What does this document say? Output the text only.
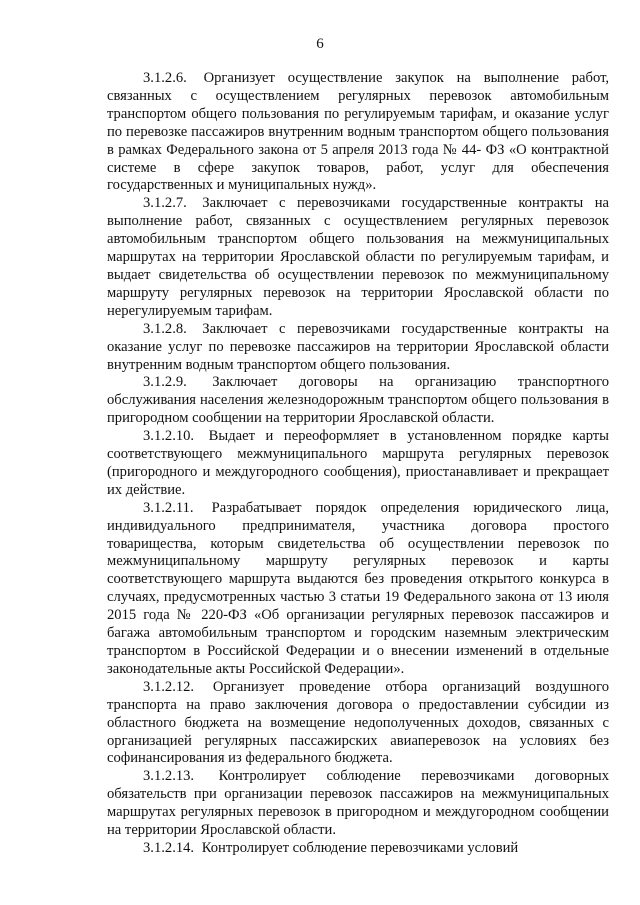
6

3.1.2.6. Организует осуществление закупок на выполнение работ, связанных с осуществлением регулярных перевозок автомобильным транспортом общего пользования по регулируемым тарифам, и оказание услуг по перевозке пассажиров внутренним водным транспортом общего пользования в рамках Федерального закона от 5 апреля 2013 года № 44- ФЗ «О контрактной системе в сфере закупок товаров, работ, услуг для обеспечения государственных и муниципальных нужд».

3.1.2.7. Заключает с перевозчиками государственные контракты на выполнение работ, связанных с осуществлением регулярных перевозок автомобильным транспортом общего пользования на межмуниципальных маршрутах на территории Ярославской области по регулируемым тарифам, и выдает свидетельства об осуществлении перевозок по межмуниципальному маршруту регулярных перевозок на территории Ярославской области по нерегулируемым тарифам.

3.1.2.8. Заключает с перевозчиками государственные контракты на оказание услуг по перевозке пассажиров на территории Ярославской области внутренним водным транспортом общего пользования.

3.1.2.9. Заключает договоры на организацию транспортного обслуживания населения железнодорожным транспортом общего пользования в пригородном сообщении на территории Ярославской области.

3.1.2.10. Выдает и переоформляет в установленном порядке карты соответствующего межмуниципального маршрута регулярных перевозок (пригородного и междугородного сообщения), приостанавливает и прекращает их действие.

3.1.2.11. Разрабатывает порядок определения юридического лица, индивидуального предпринимателя, участника договора простого товарищества, которым свидетельства об осуществлении перевозок по межмуниципальному маршруту регулярных перевозок и карты соответствующего маршрута выдаются без проведения открытого конкурса в случаях, предусмотренных частью 3 статьи 19 Федерального закона от 13 июля 2015 года № 220-ФЗ «Об организации регулярных перевозок пассажиров и багажа автомобильным транспортом и городским наземным электрическим транспортом в Российской Федерации и о внесении изменений в отдельные законодательные акты Российской Федерации».

3.1.2.12. Организует проведение отбора организаций воздушного транспорта на право заключения договора о предоставлении субсидии из областного бюджета на возмещение недополученных доходов, связанных с организацией регулярных пассажирских авиаперевозок на условиях без софинансирования из федерального бюджета.

3.1.2.13. Контролирует соблюдение перевозчиками договорных обязательств при организации перевозок пассажиров на межмуниципальных маршрутах регулярных перевозок в пригородном и междугородном сообщении на территории Ярославской области.

3.1.2.14. Контролирует соблюдение перевозчиками условий
